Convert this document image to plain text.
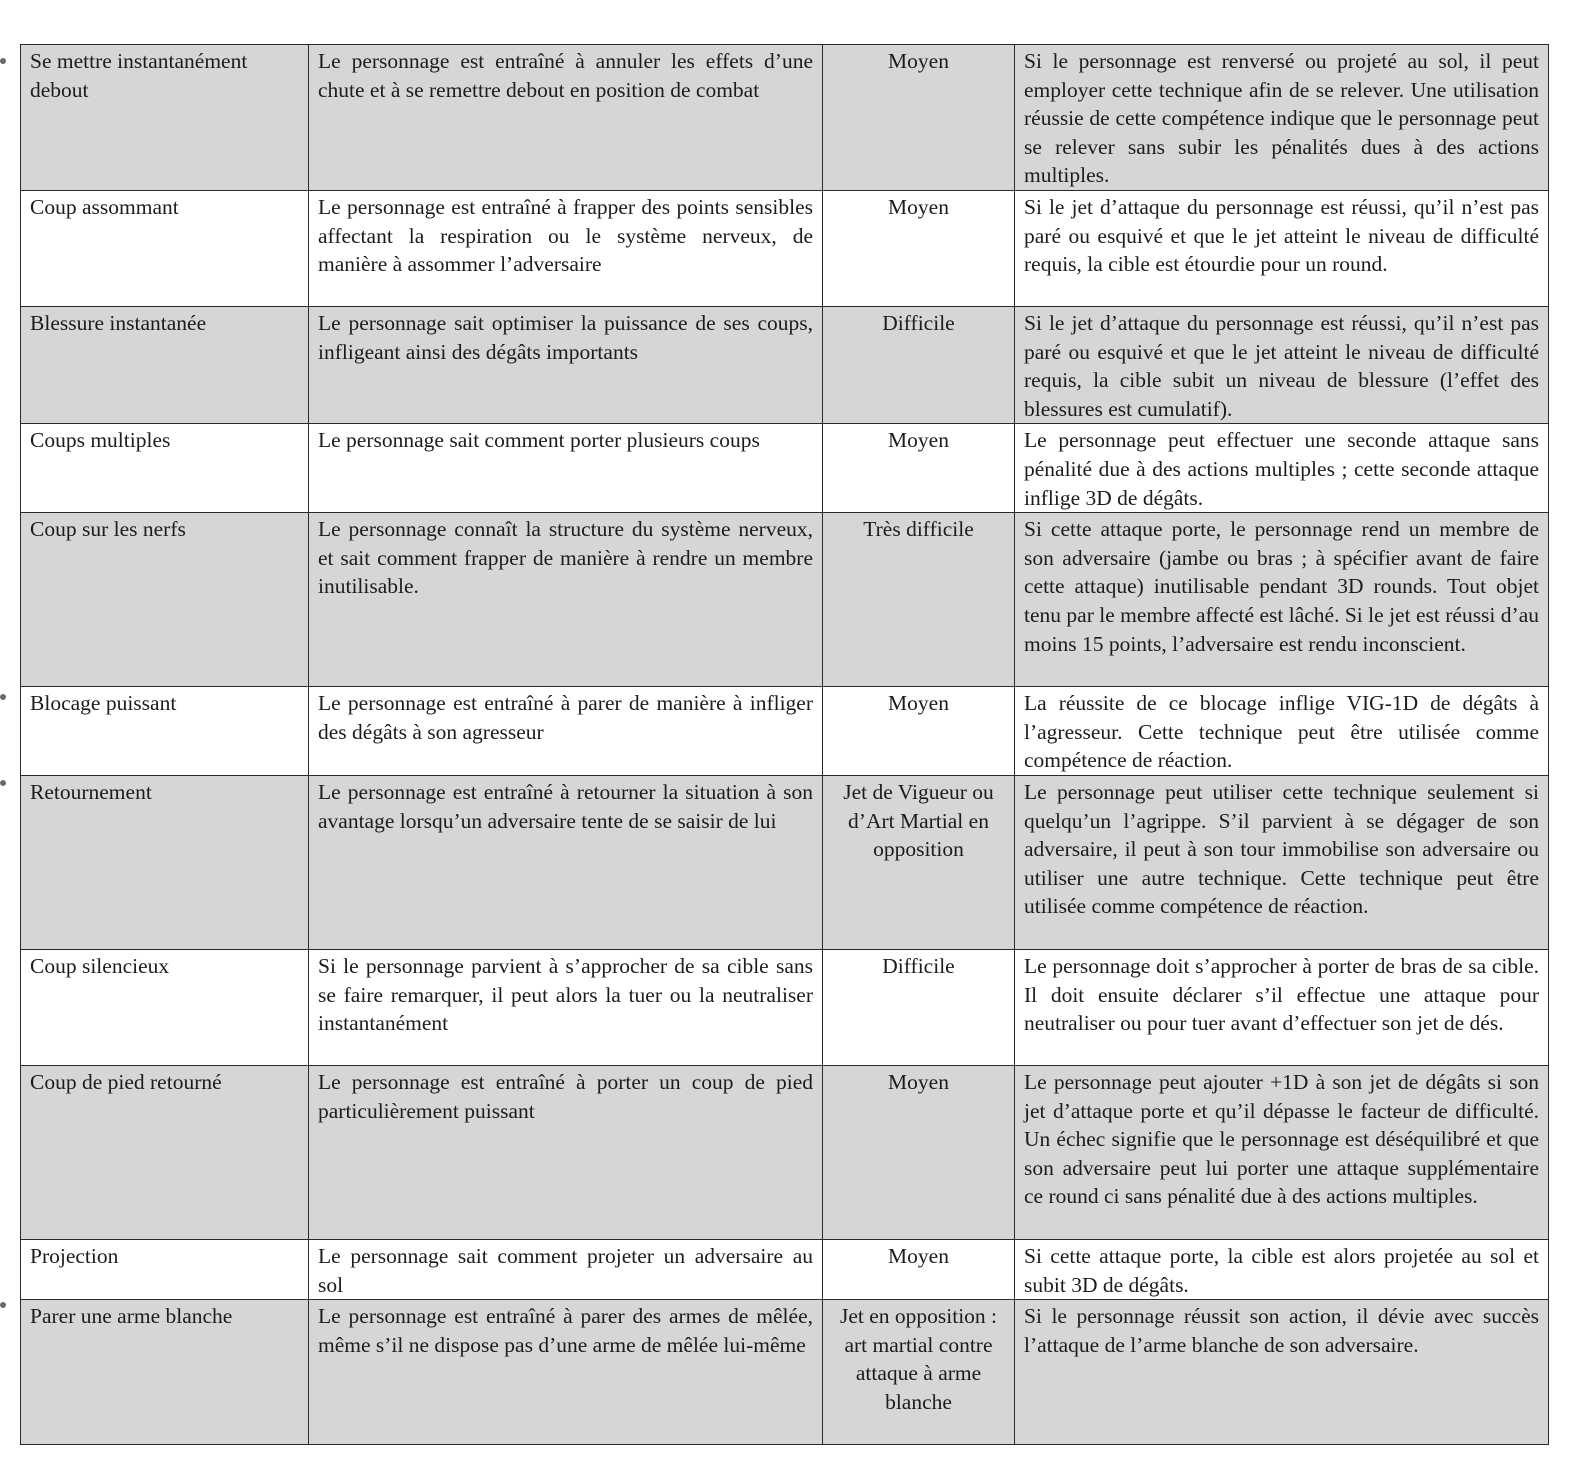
Se mettre instantanément debout	Le personnage est entraîné à annuler les effets d’une chute et à se remettre debout en position de combat	Moyen	Si le personnage est renversé ou projeté au sol, il peut employer cette technique afin de se relever. Une utilisation réussie de cette compétence indique que le personnage peut se relever sans subir les pénalités dues à des actions multiples.
Coup assommant	Le personnage est entraîné à frapper des points sensibles affectant la respiration ou le système nerveux, de manière à assommer l’adversaire	Moyen	Si le jet d’attaque du personnage est réussi, qu’il n’est pas paré ou esquivé et que le jet atteint le niveau de difficulté requis, la cible est étourdie pour un round.
Blessure instantanée	Le personnage sait optimiser la puissance de ses coups, infligeant ainsi des dégâts importants	Difficile	Si le jet d’attaque du personnage est réussi, qu’il n’est pas paré ou esquivé et que le jet atteint le niveau de difficulté requis, la cible subit un niveau de blessure (l’effet des blessures est cumulatif).
Coups multiples	Le personnage sait comment porter plusieurs coups	Moyen	Le personnage peut effectuer une seconde attaque sans pénalité due à des actions multiples ; cette seconde attaque inflige 3D de dégâts.
Coup sur les nerfs	Le personnage connaît la structure du système nerveux, et sait comment frapper de manière à rendre un membre inutilisable.	Très difficile	Si cette attaque porte, le personnage rend un membre de son adversaire (jambe ou bras ; à spécifier avant de faire cette attaque) inutilisable pendant 3D rounds. Tout objet tenu par le membre affecté est lâché. Si le jet est réussi d’au moins 15 points, l’adversaire est rendu inconscient.
Blocage puissant	Le personnage est entraîné à parer de manière à infliger des dégâts à son agresseur	Moyen	La réussite de ce blocage inflige VIG-1D de dégâts à l’agresseur. Cette technique peut être utilisée comme compétence de réaction.
Retournement	Le personnage est entraîné à retourner la situation à son avantage lorsqu’un adversaire tente de se saisir de lui	Jet de Vigueur ou d’Art Martial en opposition	Le personnage peut utiliser cette technique seulement si quelqu’un l’agrippe. S’il parvient à se dégager de son adversaire, il peut à son tour immobilise son adversaire ou utiliser une autre technique. Cette technique peut être utilisée comme compétence de réaction.
Coup silencieux	Si le personnage parvient à s’approcher de sa cible sans se faire remarquer, il peut alors la tuer ou la neutraliser instantanément	Difficile	Le personnage doit s’approcher à porter de bras de sa cible. Il doit ensuite déclarer s’il effectue une attaque pour neutraliser ou pour tuer avant d’effectuer son jet de dés.
Coup de pied retourné	Le personnage est entraîné à porter un coup de pied particulièrement puissant	Moyen	Le personnage peut ajouter +1D à son jet de dégâts si son jet d’attaque porte et qu’il dépasse le facteur de difficulté. Un échec signifie que le personnage est déséquilibré et que son adversaire peut lui porter une attaque supplémentaire ce round ci sans pénalité due à des actions multiples.
Projection	Le personnage sait comment projeter un adversaire au sol	Moyen	Si cette attaque porte, la cible est alors projetée au sol et subit 3D de dégâts.
Parer une arme blanche	Le personnage est entraîné à parer des armes de mêlée, même s’il ne dispose pas d’une arme de mêlée lui-même	Jet en opposition : art martial contre attaque à arme blanche	Si le personnage réussit son action, il dévie avec succès l’attaque de l’arme blanche de son adversaire.
